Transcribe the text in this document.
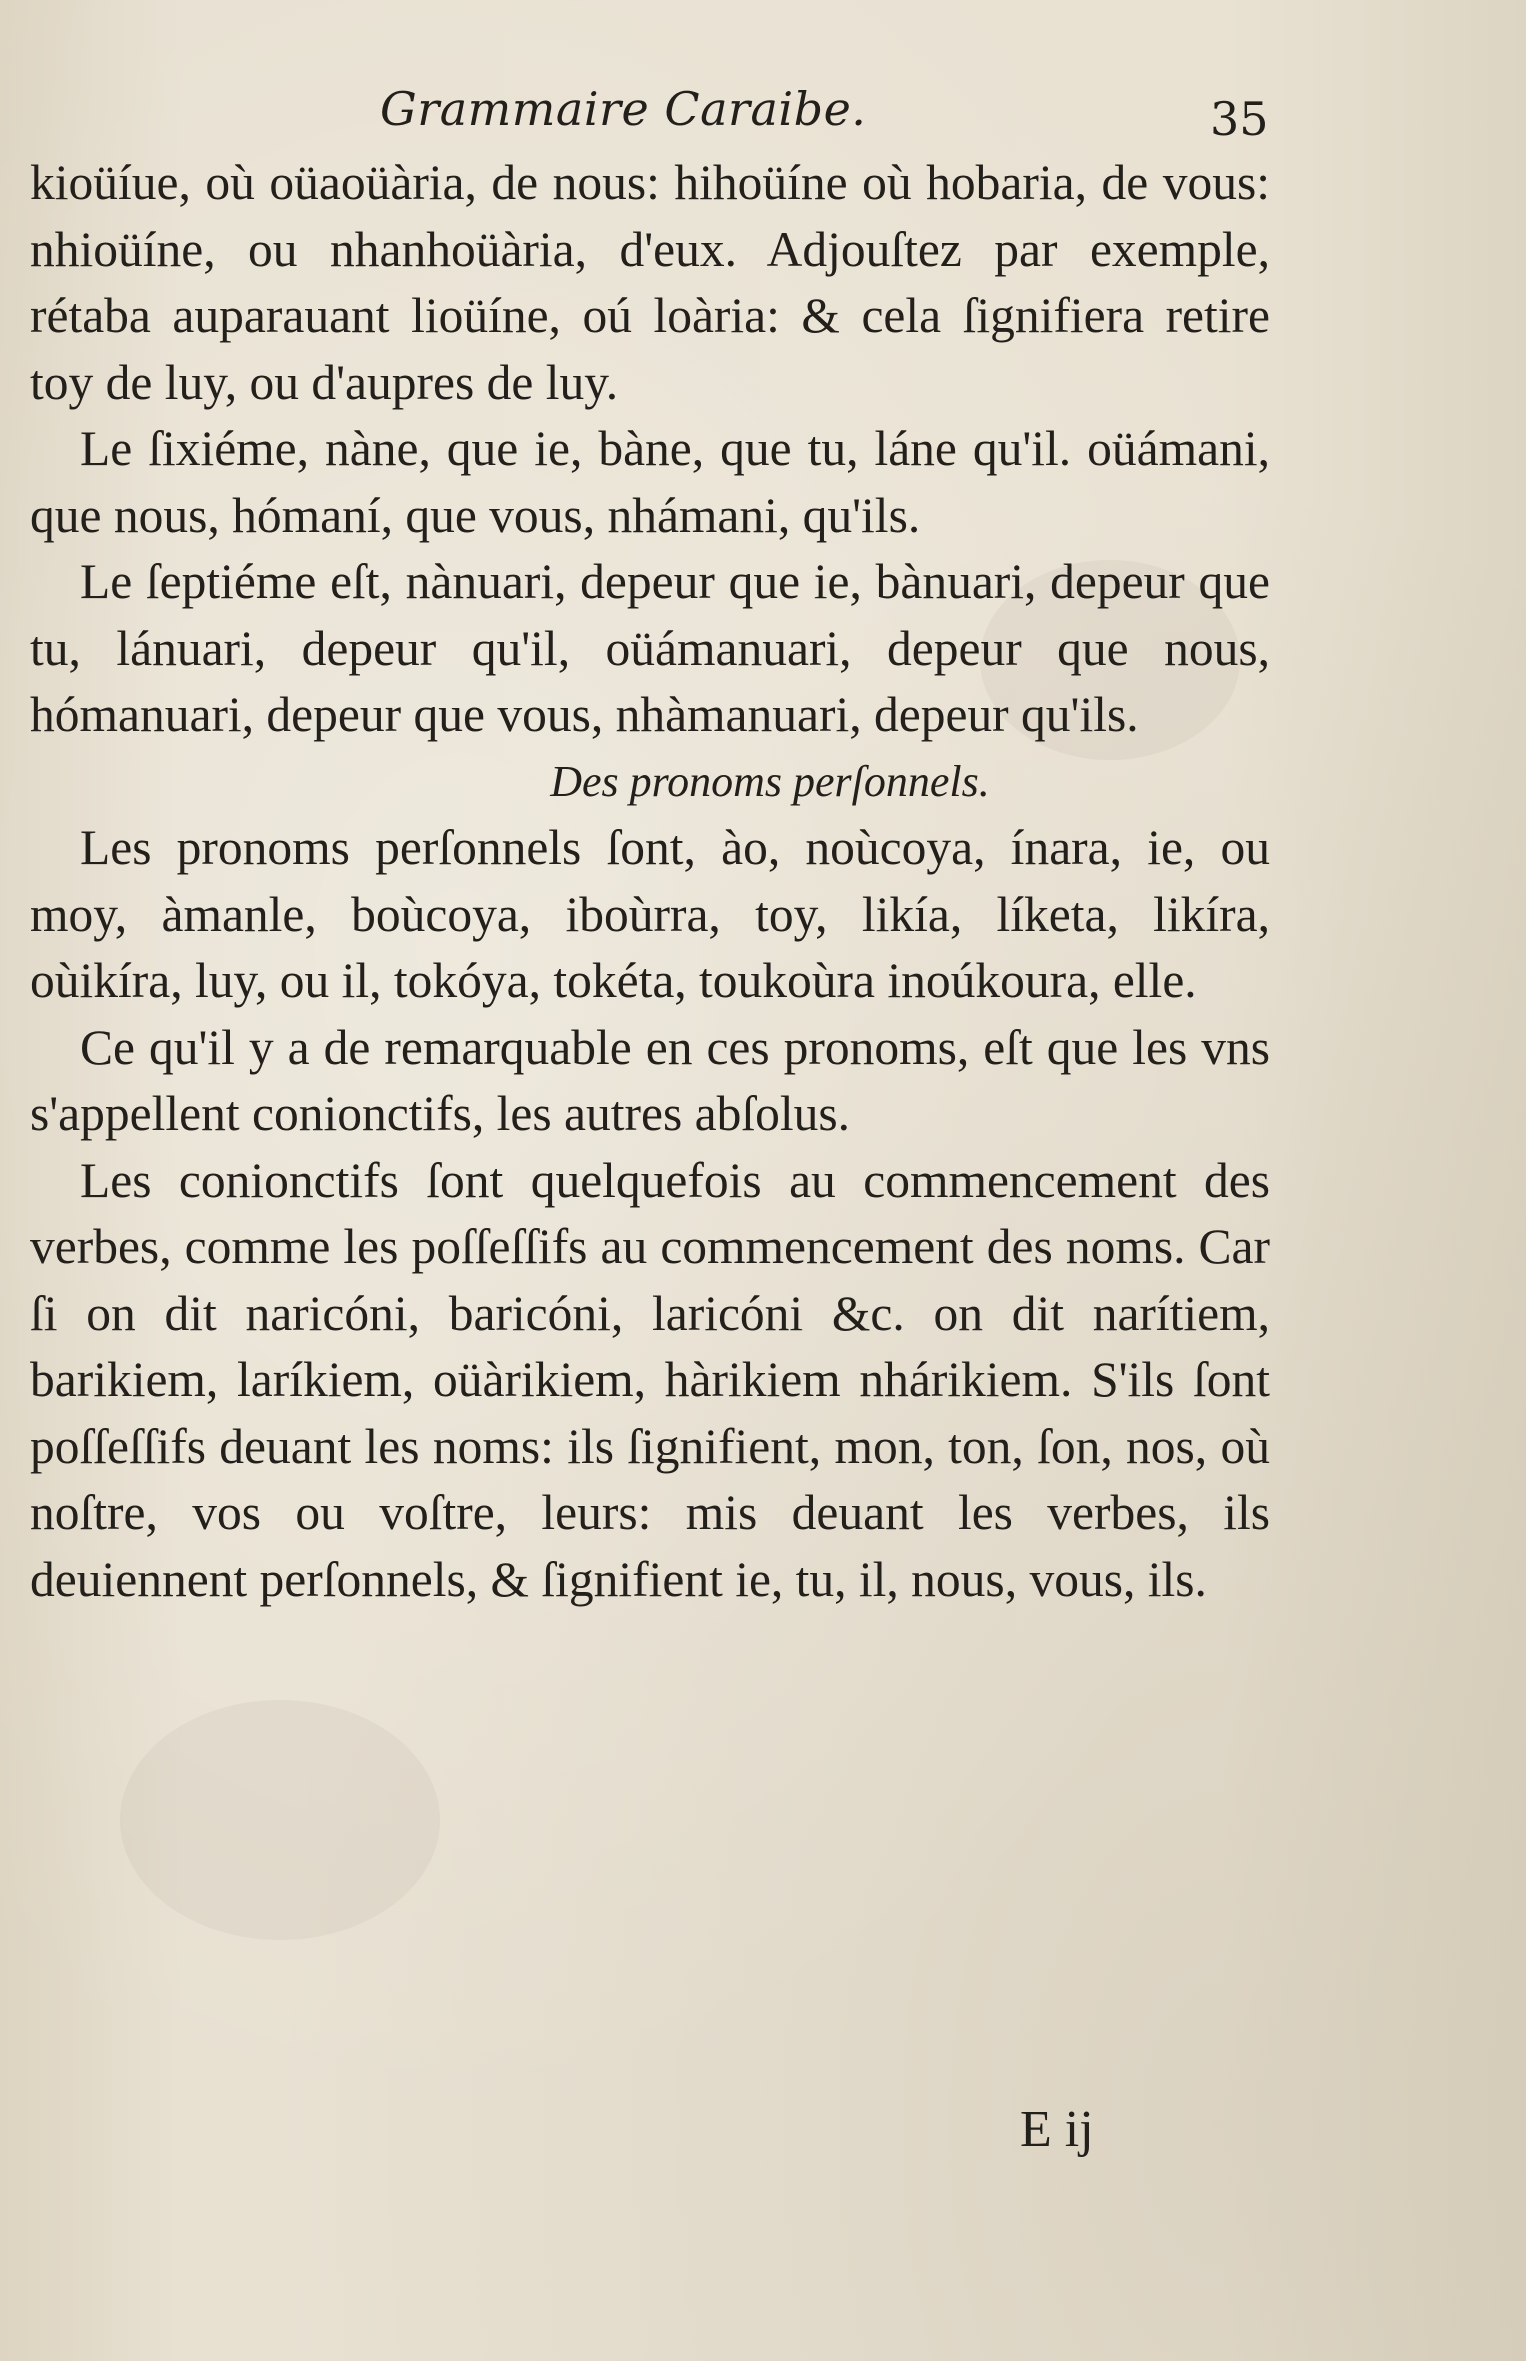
Grammaire Caraibe.	35

kioüíue, où oüaoüària, de nous: hihoüíne où hobaria, de vous: nhioüíne, ou nhanhoüària, d'eux. Adjouſtez par exemple, rétaba auparauant lioüíne, oú loària: & cela ſignifiera retire toy de luy, ou d'aupres de luy.

Le ſixiéme, nàne, que ie, bàne, que tu, láne qu'il. oüámani, que nous, hómaní, que vous, nhámani, qu'ils.

Le ſeptiéme eſt, nànuari, depeur que ie, bànuari, depeur que tu, lánuari, depeur qu'il, oüámanuari, depeur que nous, hómanuari, depeur que vous, nhàmanuari, depeur qu'ils.

Des pronoms perſonnels.

Les pronoms perſonnels ſont, ào, noùcoya, ínara, ie, ou moy, àmanle, boùcoya, iboùrra, toy, likía, líketa, likíra, oùikíra, luy, ou il, tokóya, tokéta, toukoùra inoúkoura, elle.

Ce qu'il y a de remarquable en ces pronoms, eſt que les vns s'appellent conionctifs, les autres abſolus.

Les conionctifs ſont quelquefois au commencement des verbes, comme les poſſeſſifs au commencement des noms. Car ſi on dit naricóni, baricóni, laricóni &c. on dit narítiem, barikiem, laríkiem, oüàrikiem, hàrikiem nhárikiem. S'ils ſont poſſeſſifs deuant les noms: ils ſignifient, mon, ton, ſon, nos, où noſtre, vos ou voſtre, leurs: mis deuant les verbes, ils deuiennent perſonnels, & ſignifient ie, tu, il, nous, vous, ils.

E ij
